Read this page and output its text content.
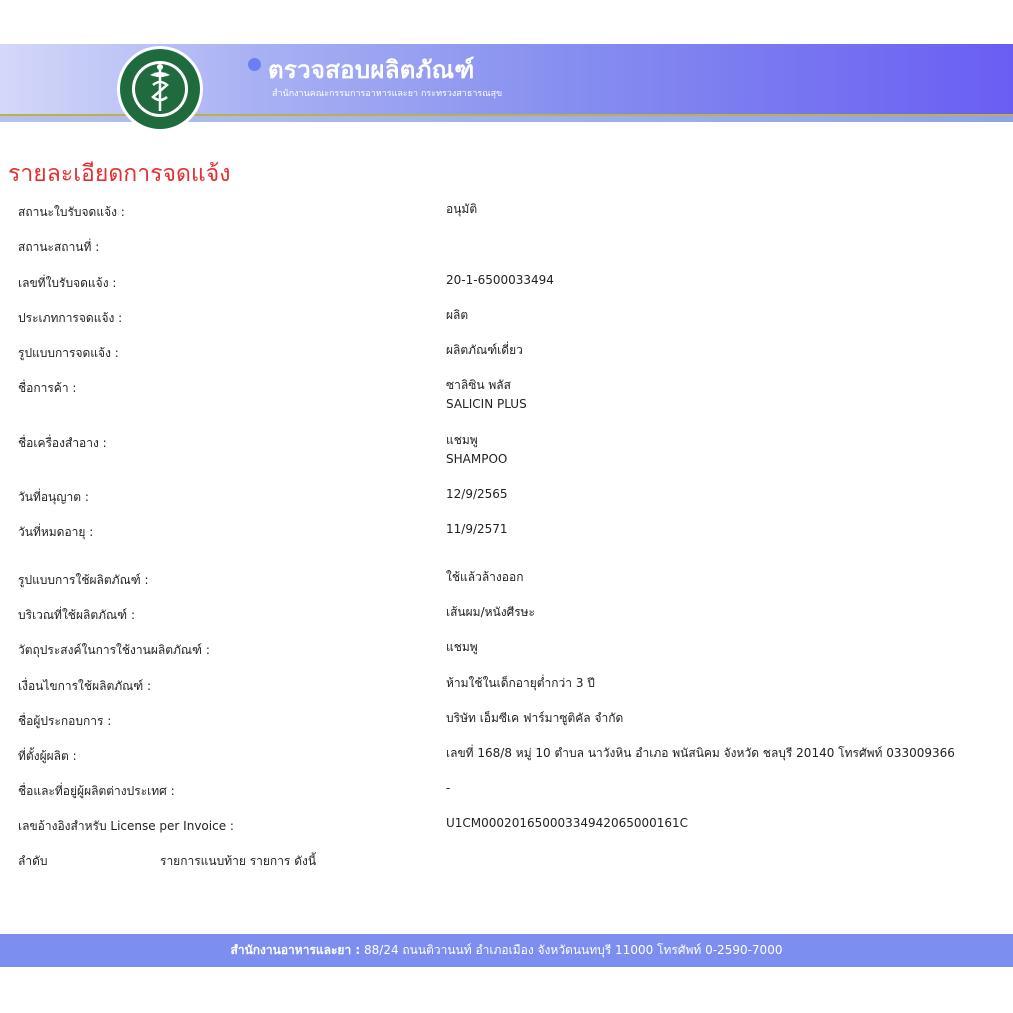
ตรวจสอบผลิตภัณฑ์
สำนักงานคณะกรรมการอาหารและยา กระทรวงสาธารณสุข
รายละเอียดการจดแจ้ง
สถานะใบรับจดแจ้ง :	อนุมัติ
สถานะสถานที่ :
เลขที่ใบรับจดแจ้ง :	20-1-6500033494
ประเภทการจดแจ้ง :	ผลิต
รูปแบบการจดแจ้ง :	ผลิตภัณฑ์เดี่ยว
ชื่อการค้า :	ซาลิซิน พลัส
SALICIN PLUS
ชื่อเครื่องสำอาง :	แชมพู
SHAMPOO
วันที่อนุญาต :	12/9/2565
วันที่หมดอายุ :	11/9/2571
รูปแบบการใช้ผลิตภัณฑ์ :	ใช้แล้วล้างออก
บริเวณที่ใช้ผลิตภัณฑ์ :	เส้นผม/หนังศีรษะ
วัตถุประสงค์ในการใช้งานผลิตภัณฑ์ :	แชมพู
เงื่อนไขการใช้ผลิตภัณฑ์ :	ห้ามใช้ในเด็กอายุต่ำกว่า 3 ปี
ชื่อผู้ประกอบการ :	บริษัท เอ็มซีเค ฟาร์มาซูติคัล จำกัด
ที่ตั้งผู้ผลิต :	เลขที่ 168/8 หมู่ 10 ตำบล นาวังหิน อำเภอ พนัสนิคม จังหวัด ชลบุรี 20140 โทรศัพท์ 033009366
ชื่อและที่อยู่ผู้ผลิตต่างประเทศ :	-
เลขอ้างอิงสำหรับ License per Invoice :	U1CM0002016500033494206500016​1C
ลำดับ	รายการแนบท้าย รายการ ดังนี้
สำนักงานอาหารและยา : 88/24 ถนนติวานนท์ อำเภอเมือง จังหวัดนนทบุรี 11000 โทรศัพท์ 0-2590-7000
